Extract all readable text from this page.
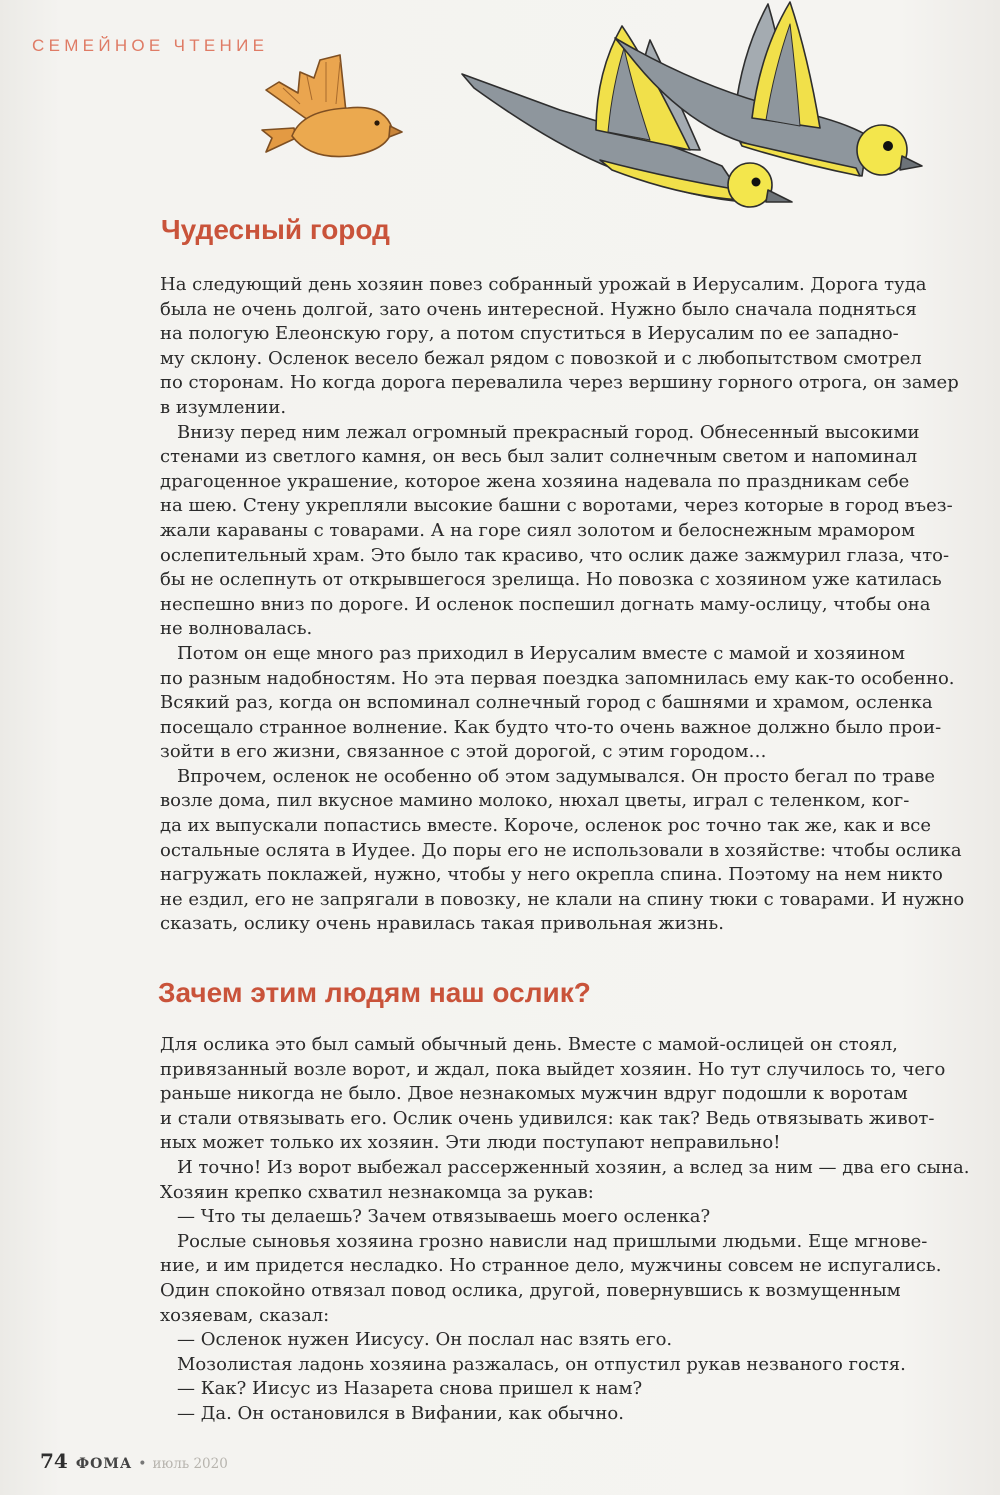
СЕМЕЙНОЕ ЧТЕНИЕ
Чудесный город
На следующий день хозяин повез собранный урожай в Иерусалим. Дорога туда
была не очень долгой, зато очень интересной. Нужно было сначала подняться
на пологую Елеонскую гору, а потом спуститься в Иерусалим по ее западно-
му склону. Осленок весело бежал рядом с повозкой и с любопытством смотрел
по сторонам. Но когда дорога перевалила через вершину горного отрога, он замер
в изумлении.
Внизу перед ним лежал огромный прекрасный город. Обнесенный высокими
стенами из светлого камня, он весь был залит солнечным светом и напоминал
драгоценное украшение, которое жена хозяина надевала по праздникам себе
на шею. Стену укрепляли высокие башни с воротами, через которые в город въез-
жали караваны с товарами. А на горе сиял золотом и белоснежным мрамором
ослепительный храм. Это было так красиво, что ослик даже зажмурил глаза, что-
бы не ослепнуть от открывшегося зрелища. Но повозка с хозяином уже катилась
неспешно вниз по дороге. И осленок поспешил догнать маму-ослицу, чтобы она
не волновалась.
Потом он еще много раз приходил в Иерусалим вместе с мамой и хозяином
по разным надобностям. Но эта первая поездка запомнилась ему как-то особенно.
Всякий раз, когда он вспоминал солнечный город с башнями и храмом, осленка
посещало странное волнение. Как будто что-то очень важное должно было прои-
зойти в его жизни, связанное с этой дорогой, с этим городом…
Впрочем, осленок не особенно об этом задумывался. Он просто бегал по траве
возле дома, пил вкусное мамино молоко, нюхал цветы, играл с теленком, ког-
да их выпускали попастись вместе. Короче, осленок рос точно так же, как и все
остальные ослята в Иудее. До поры его не использовали в хозяйстве: чтобы ослика
нагружать поклажей, нужно, чтобы у него окрепла спина. Поэтому на нем никто
не ездил, его не запрягали в повозку, не клали на спину тюки с товарами. И нужно
сказать, ослику очень нравилась такая привольная жизнь.
Зачем этим людям наш ослик?
Для ослика это был самый обычный день. Вместе с мамой-ослицей он стоял,
привязанный возле ворот, и ждал, пока выйдет хозяин. Но тут случилось то, чего
раньше никогда не было. Двое незнакомых мужчин вдруг подошли к воротам
и стали отвязывать его. Ослик очень удивился: как так? Ведь отвязывать живот-
ных может только их хозяин. Эти люди поступают неправильно!
И точно! Из ворот выбежал рассерженный хозяин, а вслед за ним — два его сына.
Хозяин крепко схватил незнакомца за рукав:
— Что ты делаешь? Зачем отвязываешь моего осленка?
Рослые сыновья хозяина грозно нависли над пришлыми людьми. Еще мгнове-
ние, и им придется несладко. Но странное дело, мужчины совсем не испугались.
Один спокойно отвязал повод ослика, другой, повернувшись к возмущенным
хозяевам, сказал:
— Осленок нужен Иисусу. Он послал нас взять его.
Мозолистая ладонь хозяина разжалась, он отпустил рукав незваного гостя.
— Как? Иисус из Назарета снова пришел к нам?
— Да. Он остановился в Вифании, как обычно.
74 ФОМА • июль 2020
